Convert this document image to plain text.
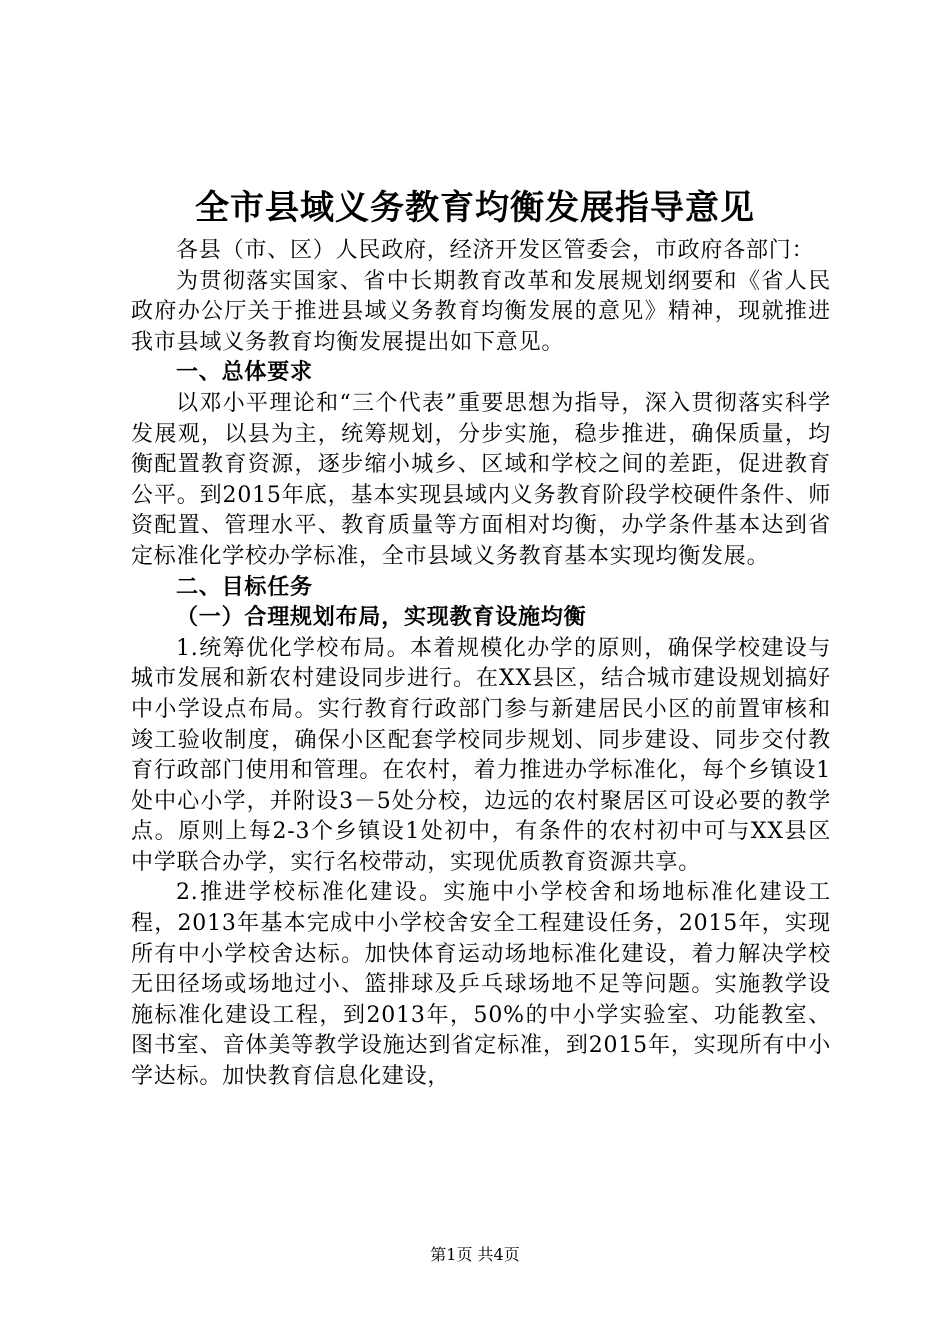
全市县域义务教育均衡发展指导意见

各县（市、区）人民政府，经济开发区管委会，市政府各部门：

为贯彻落实国家、省中长期教育改革和发展规划纲要和《省人民政府办公厅关于推进县域义务教育均衡发展的意见》精神，现就推进我市县域义务教育均衡发展提出如下意见。

一、总体要求

以邓小平理论和“三个代表”重要思想为指导，深入贯彻落实科学发展观，以县为主，统筹规划，分步实施，稳步推进，确保质量，均衡配置教育资源，逐步缩小城乡、区域和学校之间的差距，促进教育公平。到2015年底，基本实现县域内义务教育阶段学校硬件条件、师资配置、管理水平、教育质量等方面相对均衡，办学条件基本达到省定标准化学校办学标准，全市县域义务教育基本实现均衡发展。

二、目标任务
（一）合理规划布局，实现教育设施均衡

1.统筹优化学校布局。本着规模化办学的原则，确保学校建设与城市发展和新农村建设同步进行。在XX县区，结合城市建设规划搞好中小学设点布局。实行教育行政部门参与新建居民小区的前置审核和竣工验收制度，确保小区配套学校同步规划、同步建设、同步交付教育行政部门使用和管理。在农村，着力推进办学标准化，每个乡镇设1处中心小学，并附设3－5处分校，边远的农村聚居区可设必要的教学点。原则上每2-3个乡镇设1处初中，有条件的农村初中可与XX县区中学联合办学，实行名校带动，实现优质教育资源共享。

2.推进学校标准化建设。实施中小学校舍和场地标准化建设工程，2013年基本完成中小学校舍安全工程建设任务，2015年，实现所有中小学校舍达标。加快体育运动场地标准化建设，着力解决学校无田径场或场地过小、篮排球及乒乓球场地不足等问题。实施教学设施标准化建设工程，到2013年，50%的中小学实验室、功能教室、图书室、音体美等教学设施达到省定标准，到2015年，实现所有中小学达标。加快教育信息化建设，

第1页 共4页
